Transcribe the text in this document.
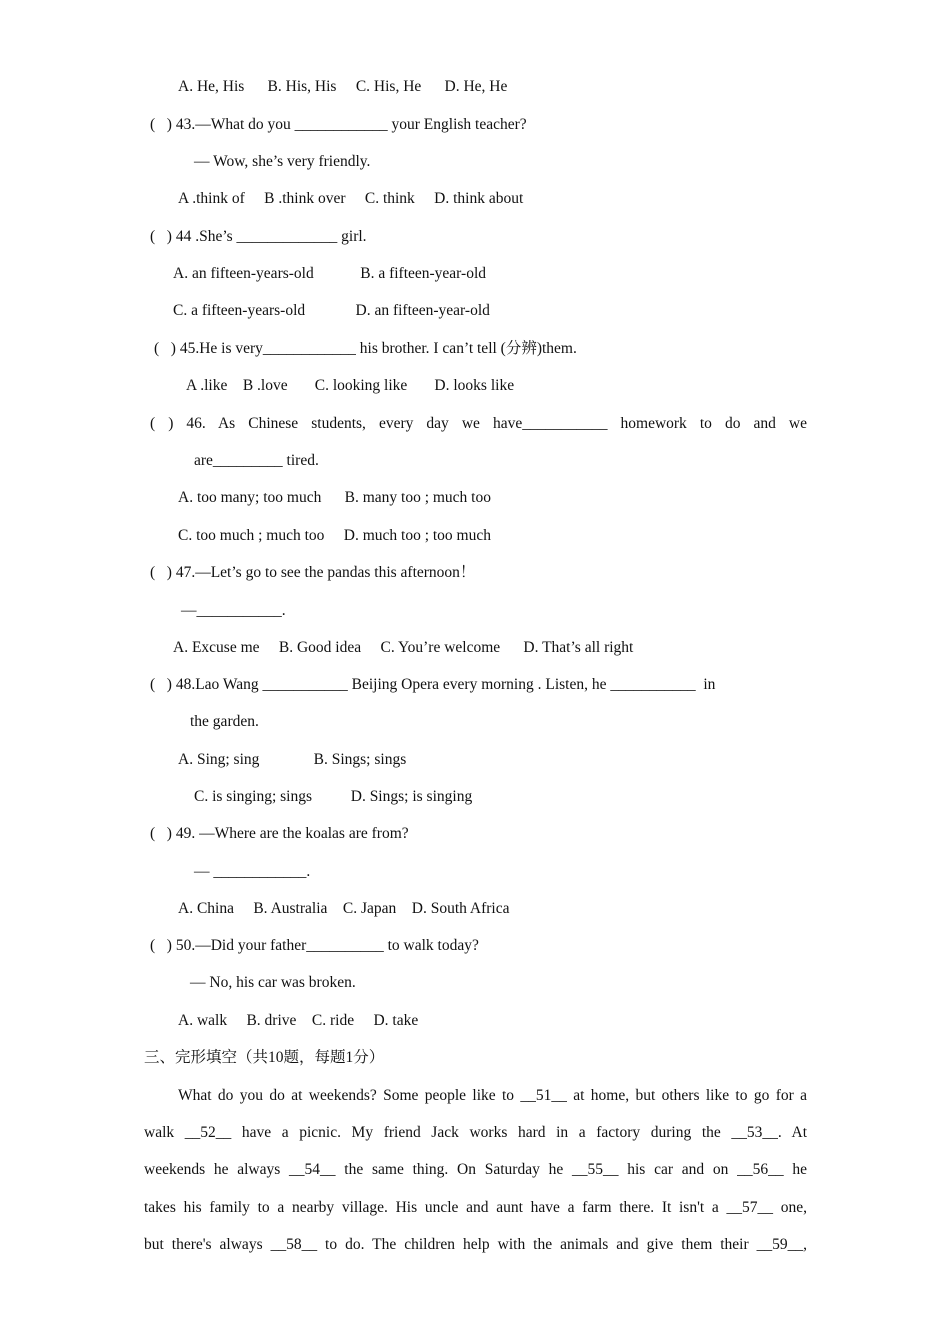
A. He, His      B. His, His     C. His, He      D. He, He
(   ) 43.—What do you ____________ your English teacher?
— Wow, she’s very friendly.
A .think of     B .think over     C. think     D. think about
(   ) 44 .She’s _____________ girl.
A. an fifteen-years-old            B. a fifteen-year-old
C. a fifteen-years-old             D. an fifteen-year-old
(   ) 45.He is very____________ his brother. I can’t tell (分辨)them.
A .like    B .love       C. looking like       D. looks like
( ) 46. As Chinese students, every day we have___________ homework to do and we
are_________ tired.
A. too many; too much      B. many too ; much too
C. too much ; much too     D. much too ; too much
(   ) 47.—Let’s go to see the pandas this afternoon！
—___________.
A. Excuse me     B. Good idea     C. You’re welcome      D. That’s all right
(   ) 48.Lao Wang ___________ Beijing Opera every morning . Listen, he ___________  in
the garden.
A. Sing; sing              B. Sings; sings
C. is singing; sings          D. Sings; is singing
(   ) 49. —Where are the koalas are from?
— ____________.
A. China     B. Australia    C. Japan    D. South Africa
(   ) 50.—Did your father__________ to walk today?
— No, his car was broken.
A. walk     B. drive    C. ride     D. take
三、完形填空（共10题，每题1分）
What do you do at weekends? Some people like to __51__ at home, but others like to go for a
walk __52__ have a picnic. My friend Jack works hard in a factory during the __53__. At
weekends he always __54__ the same thing. On Saturday he __55__ his car and on __56__ he
takes his family to a nearby village. His uncle and aunt have a farm there. It isn't a __57__ one,
but there's always __58__ to do. The children help with the animals and give them their __59__,
